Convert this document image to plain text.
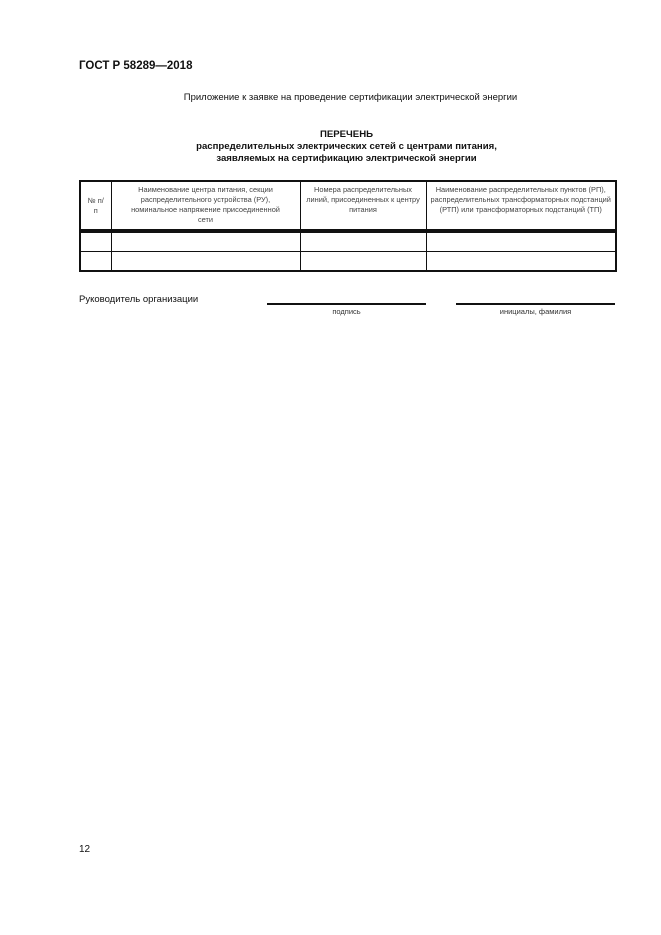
ГОСТ Р 58289—2018
Приложение к заявке на проведение сертификации электрической энергии
ПЕРЕЧЕНЬ
распределительных электрических сетей с центрами питания,
заявляемых на сертификацию электрической энергии
№ п/п	Наименование центра питания, секции распределительного устройства (РУ), номинальное напряжение присоединенной сети	Номера распределительных линий, присоединенных к центру питания	Наименование распределительных пунктов (РП), распределительных трансформаторных подстанций (РТП) или трансформаторных подстанций (ТП)

Руководитель организации
подпись	инициалы, фамилия
12
